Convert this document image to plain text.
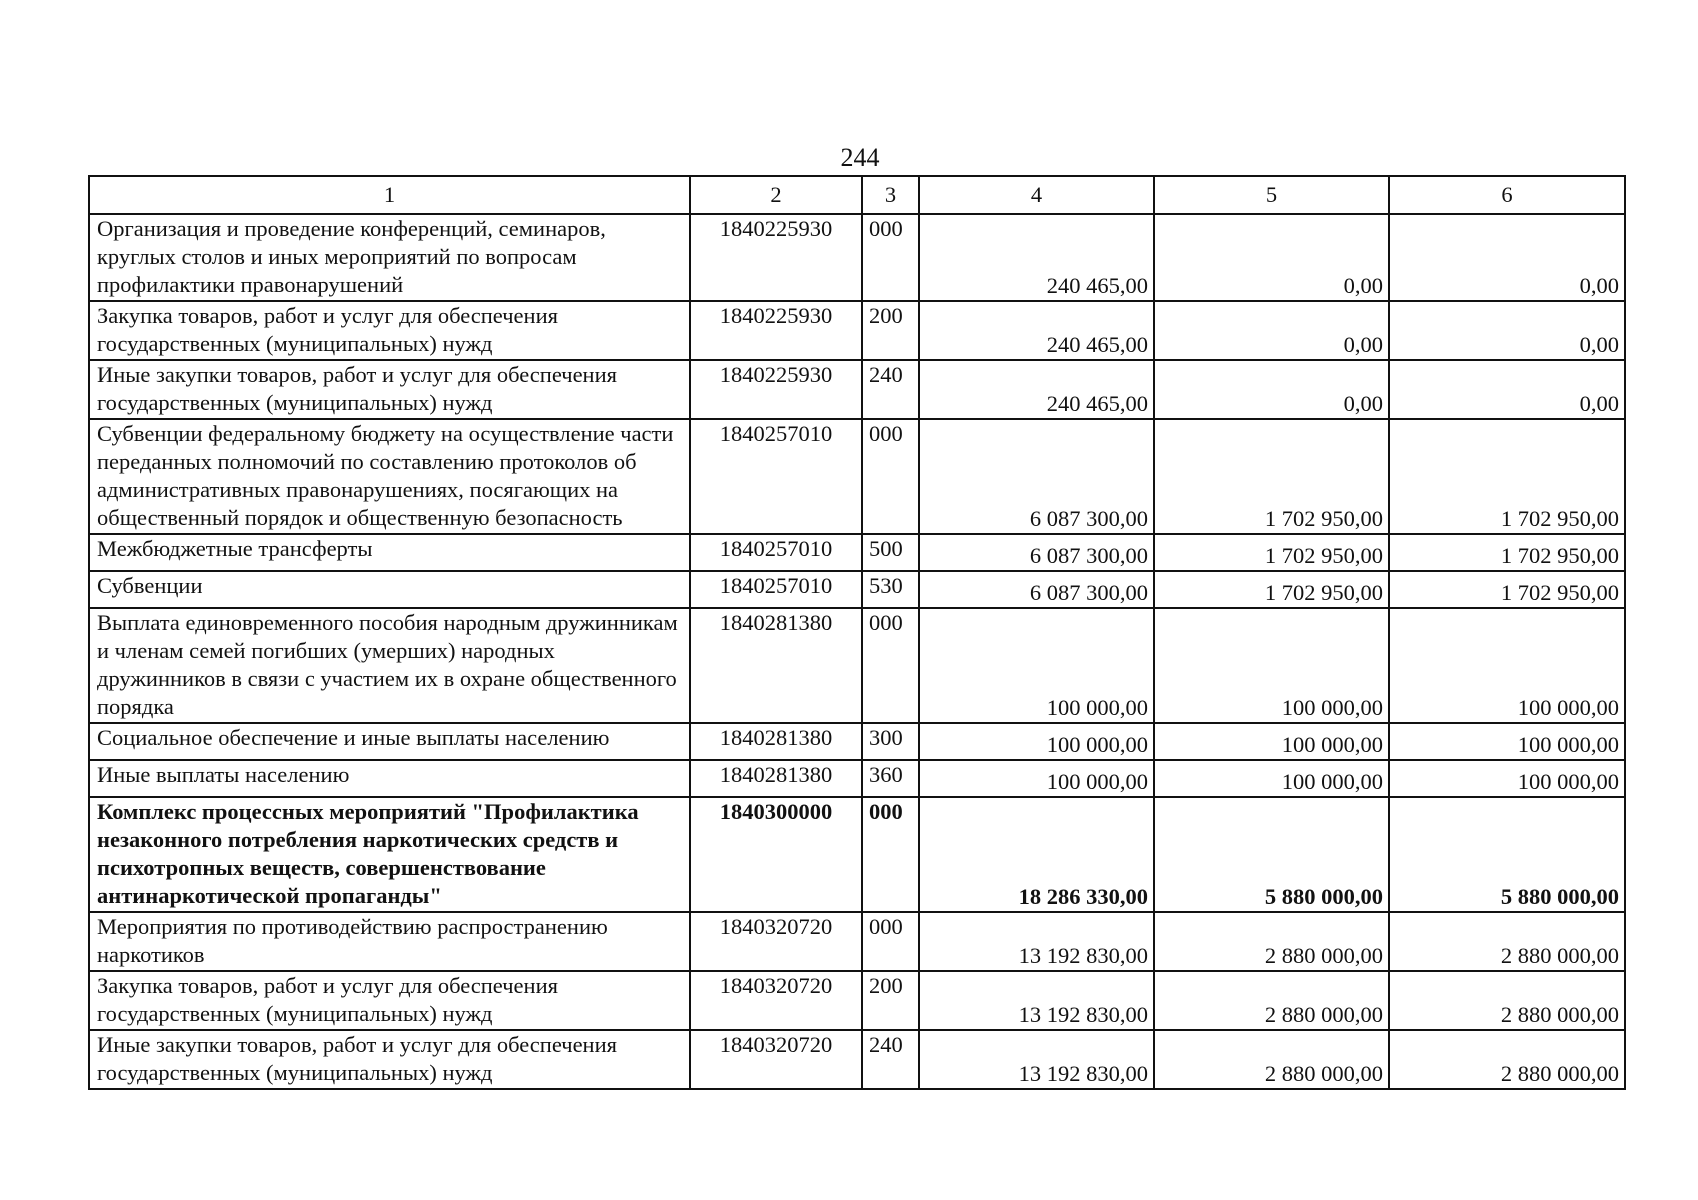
244
1	2	3	4	5	6
Организация и проведение конференций, семинаров, круглых столов и иных мероприятий по вопросам профилактики правонарушений	1840225930	000	240 465,00	0,00	0,00
Закупка товаров, работ и услуг для обеспечения государственных (муниципальных) нужд	1840225930	200	240 465,00	0,00	0,00
Иные закупки товаров, работ и услуг для обеспечения государственных (муниципальных) нужд	1840225930	240	240 465,00	0,00	0,00
Субвенции федеральному бюджету на осуществление части переданных полномочий по составлению протоколов об административных правонарушениях, посягающих на общественный порядок и общественную безопасность	1840257010	000	6 087 300,00	1 702 950,00	1 702 950,00
Межбюджетные трансферты	1840257010	500	6 087 300,00	1 702 950,00	1 702 950,00
Субвенции	1840257010	530	6 087 300,00	1 702 950,00	1 702 950,00
Выплата единовременного пособия народным дружинникам и членам семей погибших (умерших) народных дружинников в связи с участием их в охране общественного порядка	1840281380	000	100 000,00	100 000,00	100 000,00
Социальное обеспечение и иные выплаты населению	1840281380	300	100 000,00	100 000,00	100 000,00
Иные выплаты населению	1840281380	360	100 000,00	100 000,00	100 000,00
Комплекс процессных мероприятий "Профилактика незаконного потребления наркотических средств и психотропных веществ, совершенствование антинаркотической пропаганды"	1840300000	000	18 286 330,00	5 880 000,00	5 880 000,00
Мероприятия по противодействию распространению наркотиков	1840320720	000	13 192 830,00	2 880 000,00	2 880 000,00
Закупка товаров, работ и услуг для обеспечения государственных (муниципальных) нужд	1840320720	200	13 192 830,00	2 880 000,00	2 880 000,00
Иные закупки товаров, работ и услуг для обеспечения государственных (муниципальных) нужд	1840320720	240	13 192 830,00	2 880 000,00	2 880 000,00
